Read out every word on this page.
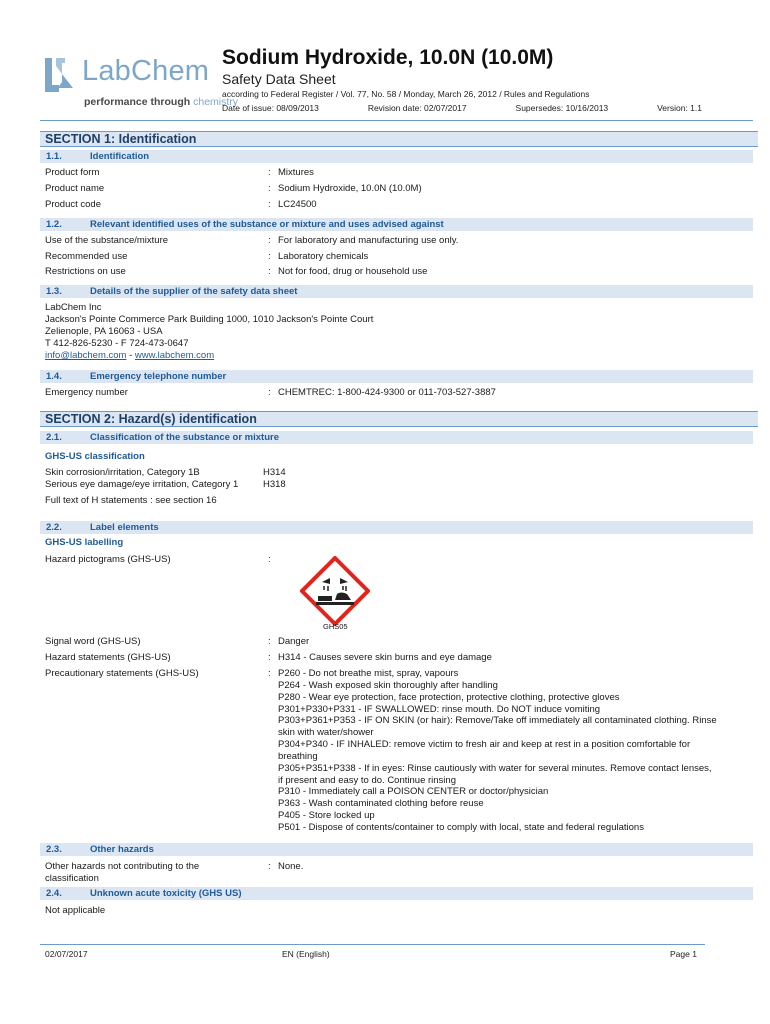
LabChem
performance through chemistry
Sodium Hydroxide, 10.0N (10.0M)
Safety Data Sheet
according to Federal Register / Vol. 77, No. 58 / Monday, March 26, 2012 / Rules and Regulations
Date of issue: 08/09/2013	Revision date: 02/07/2017	Supersedes: 10/16/2013	Version: 1.1
SECTION 1: Identification
1.1.	Identification
Product form	: Mixtures
Product name	: Sodium Hydroxide, 10.0N (10.0M)
Product code	: LC24500
1.2.	Relevant identified uses of the substance or mixture and uses advised against
Use of the substance/mixture	: For laboratory and manufacturing use only.
Recommended use	: Laboratory chemicals
Restrictions on use	: Not for food, drug or household use
1.3.	Details of the supplier of the safety data sheet
LabChem Inc
Jackson's Pointe Commerce Park Building 1000, 1010 Jackson's Pointe Court
Zelienople, PA 16063 - USA
T 412-826-5230 - F 724-473-0647
info@labchem.com - www.labchem.com
1.4.	Emergency telephone number
Emergency number	: CHEMTREC: 1-800-424-9300 or 011-703-527-3887
SECTION 2: Hazard(s) identification
2.1.	Classification of the substance or mixture
GHS-US classification
Skin corrosion/irritation, Category 1B	H314
Serious eye damage/eye irritation, Category 1	H318
Full text of H statements : see section 16
2.2.	Label elements
GHS-US labelling
Hazard pictograms (GHS-US)	:
GHS05
Signal word (GHS-US)	: Danger
Hazard statements (GHS-US)	: H314 - Causes severe skin burns and eye damage
Precautionary statements (GHS-US)	: P260 - Do not breathe mist, spray, vapours
P264 - Wash exposed skin thoroughly after handling
P280 - Wear eye protection, face protection, protective clothing, protective gloves
P301+P330+P331 - IF SWALLOWED: rinse mouth. Do NOT induce vomiting
P303+P361+P353 - IF ON SKIN (or hair): Remove/Take off immediately all contaminated clothing. Rinse skin with water/shower
P304+P340 - IF INHALED: remove victim to fresh air and keep at rest in a position comfortable for breathing
P305+P351+P338 - If in eyes: Rinse cautiously with water for several minutes. Remove contact lenses, if present and easy to do. Continue rinsing
P310 - Immediately call a POISON CENTER or doctor/physician
P363 - Wash contaminated clothing before reuse
P405 - Store locked up
P501 - Dispose of contents/container to comply with local, state and federal regulations
2.3.	Other hazards
Other hazards not contributing to the classification
: None.
2.4.	Unknown acute toxicity (GHS US)
Not applicable
02/07/2017	EN (English)	Page 1
